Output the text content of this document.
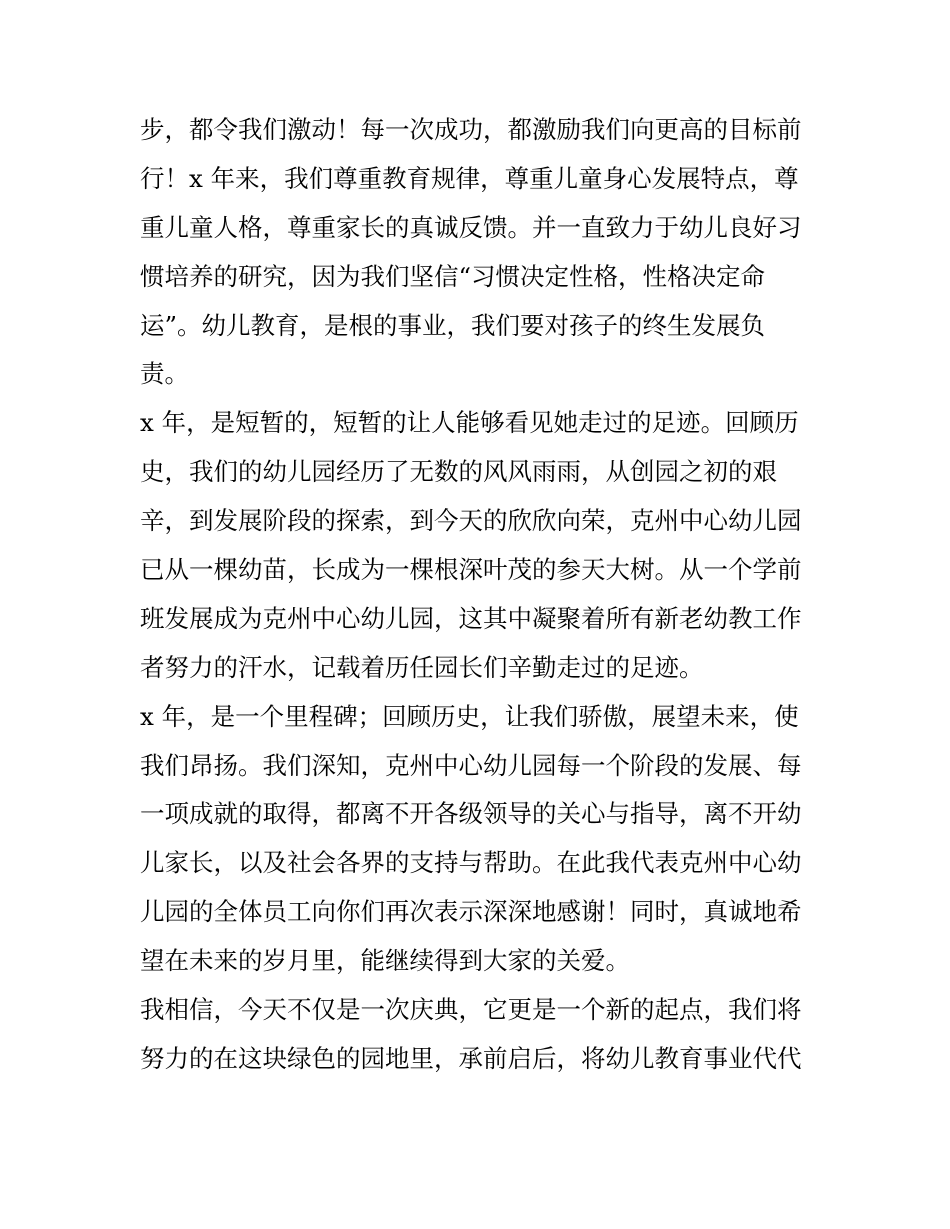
步，都令我们激动！每一次成功，都激励我们向更高的目标前
行！x 年来，我们尊重教育规律，尊重儿童身心发展特点，尊
重儿童人格，尊重家长的真诚反馈。并一直致力于幼儿良好习
惯培养的研究，因为我们坚信“习惯决定性格，性格决定命
运”。幼儿教育，是根的事业，我们要对孩子的终生发展负
责。
x 年，是短暂的，短暂的让人能够看见她走过的足迹。回顾历
史，我们的幼儿园经历了无数的风风雨雨，从创园之初的艰
辛，到发展阶段的探索，到今天的欣欣向荣，克州中心幼儿园
已从一棵幼苗，长成为一棵根深叶茂的参天大树。从一个学前
班发展成为克州中心幼儿园，这其中凝聚着所有新老幼教工作
者努力的汗水，记载着历任园长们辛勤走过的足迹。
x 年，是一个里程碑；回顾历史，让我们骄傲，展望未来，使
我们昂扬。我们深知，克州中心幼儿园每一个阶段的发展、每
一项成就的取得，都离不开各级领导的关心与指导，离不开幼
儿家长，以及社会各界的支持与帮助。在此我代表克州中心幼
儿园的全体员工向你们再次表示深深地感谢！同时，真诚地希
望在未来的岁月里，能继续得到大家的关爱。
我相信，今天不仅是一次庆典，它更是一个新的起点，我们将
努力的在这块绿色的园地里，承前启后，将幼儿教育事业代代
